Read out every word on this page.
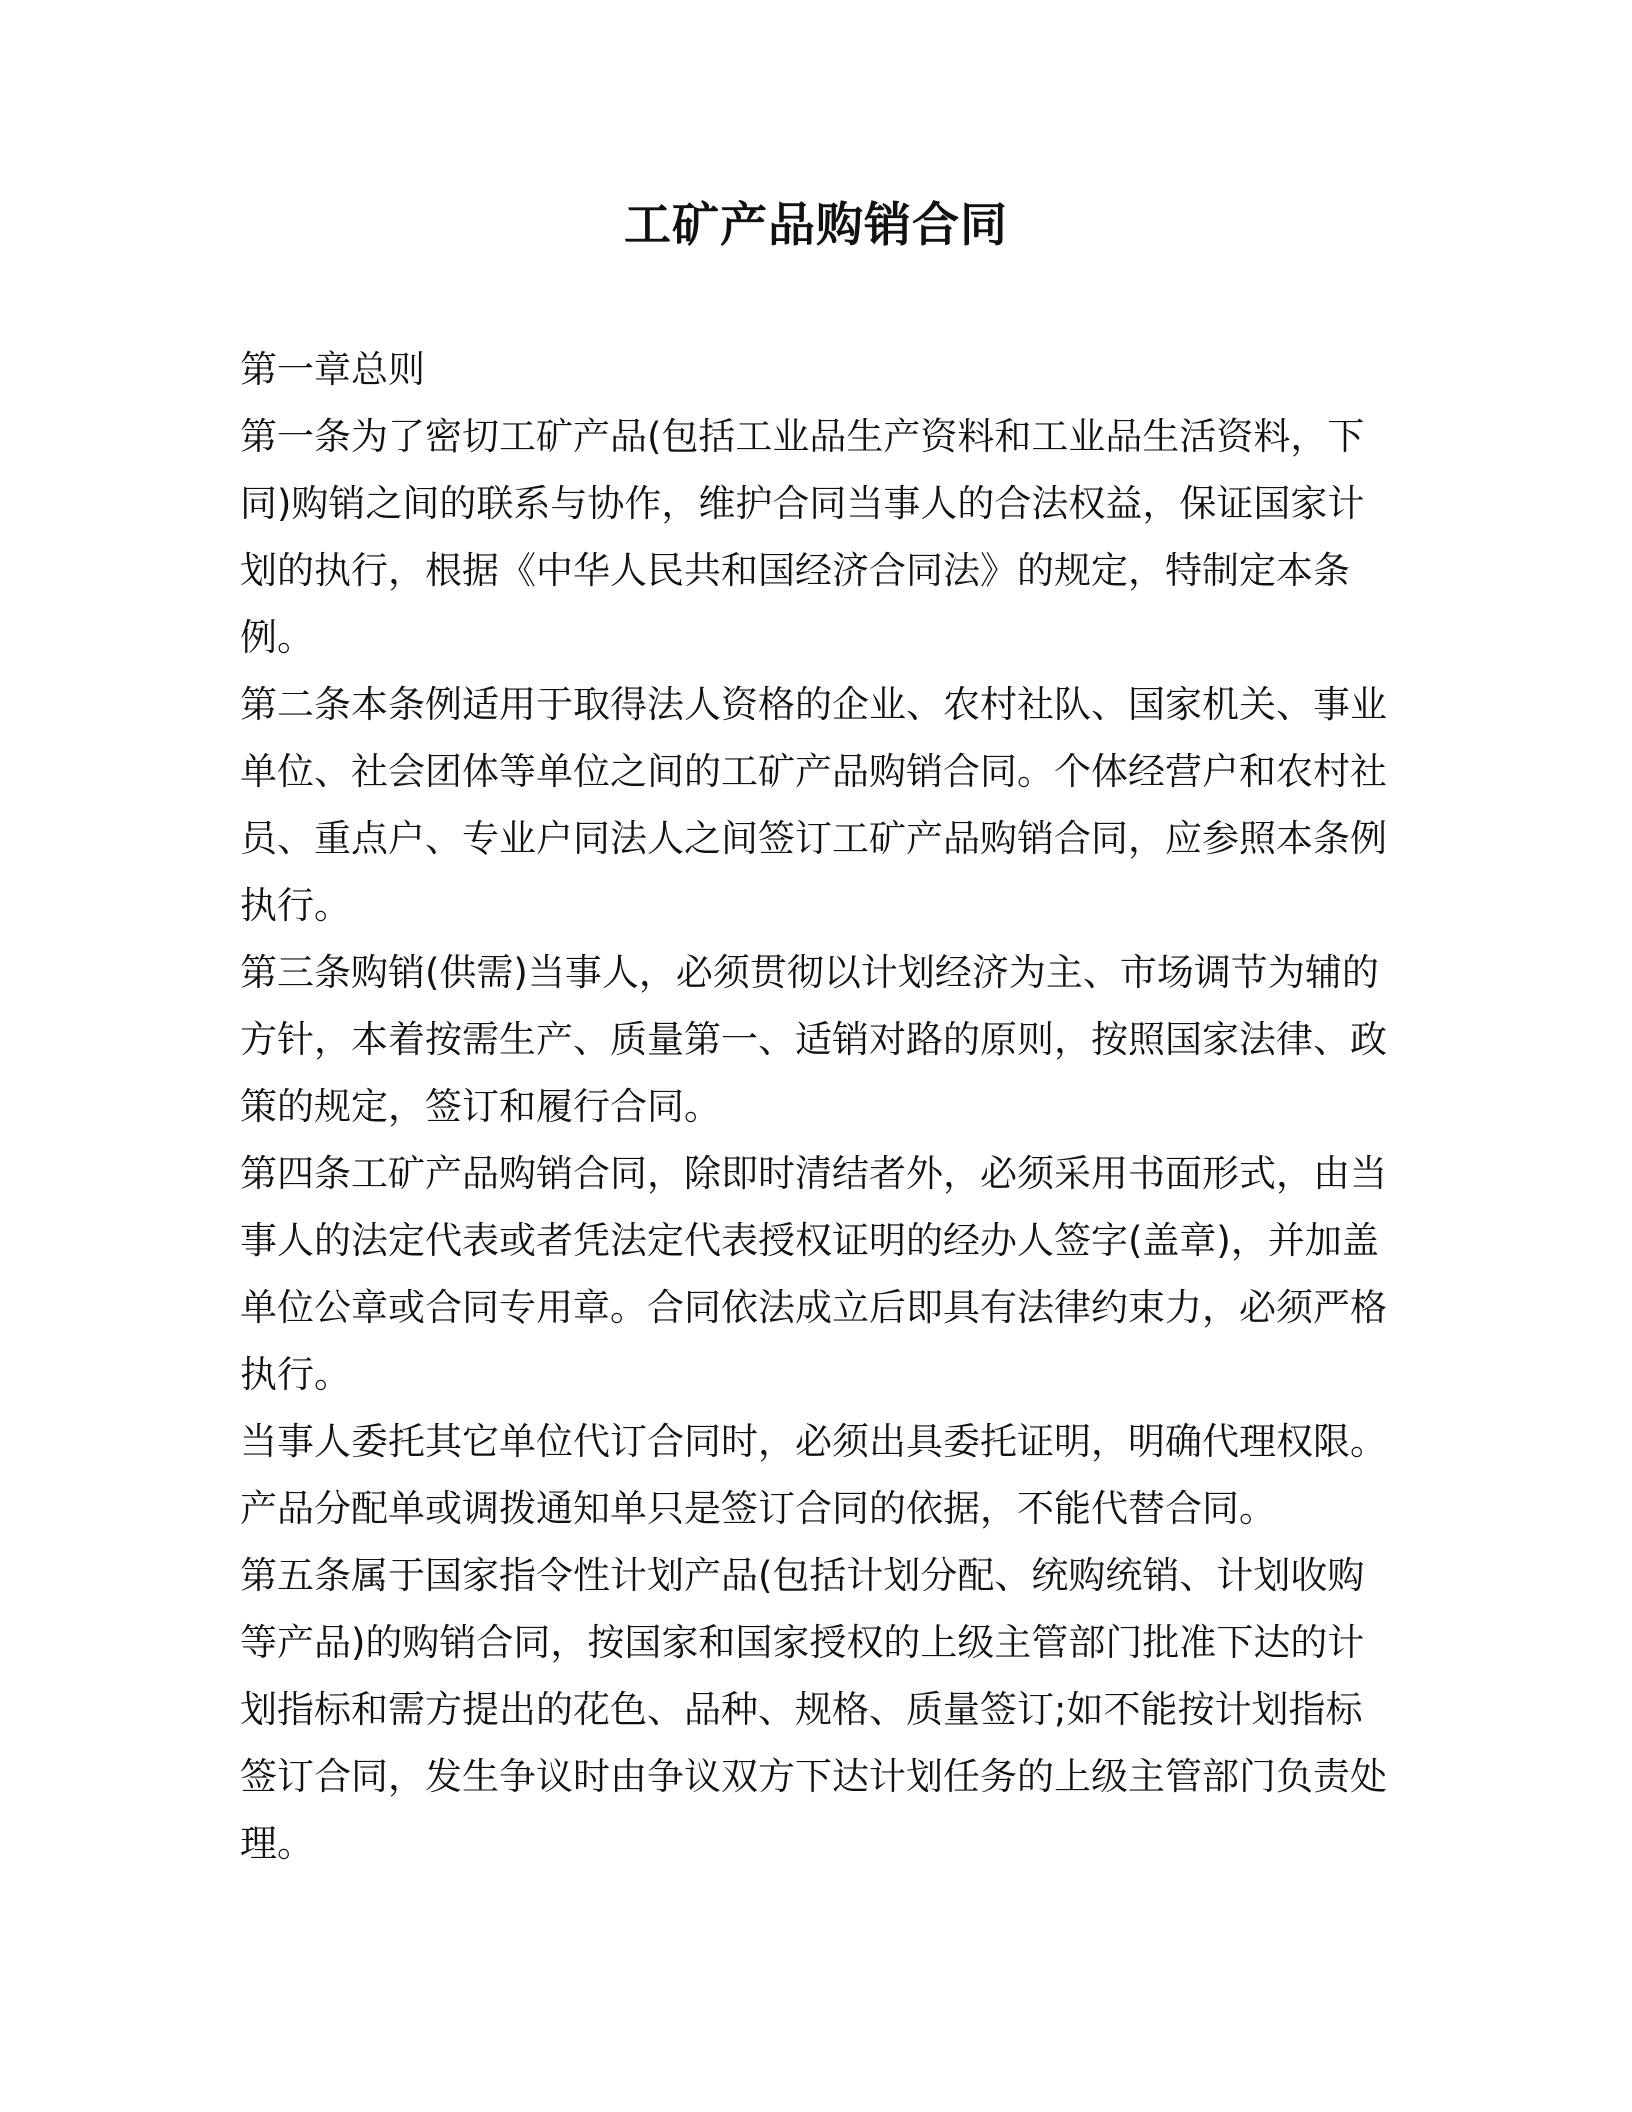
工矿产品购销合同

第一章总则

第一条为了密切工矿产品(包括工业品生产资料和工业品生活资料，下同)购销之间的联系与协作，维护合同当事人的合法权益，保证国家计划的执行，根据《中华人民共和国经济合同法》的规定，特制定本条例。

第二条本条例适用于取得法人资格的企业、农村社队、国家机关、事业单位、社会团体等单位之间的工矿产品购销合同。个体经营户和农村社员、重点户、专业户同法人之间签订工矿产品购销合同，应参照本条例执行。

第三条购销(供需)当事人，必须贯彻以计划经济为主、市场调节为辅的方针，本着按需生产、质量第一、适销对路的原则，按照国家法律、政策的规定，签订和履行合同。

第四条工矿产品购销合同，除即时清结者外，必须采用书面形式，由当事人的法定代表或者凭法定代表授权证明的经办人签字(盖章)，并加盖单位公章或合同专用章。合同依法成立后即具有法律约束力，必须严格执行。

当事人委托其它单位代订合同时，必须出具委托证明，明确代理权限。产品分配单或调拨通知单只是签订合同的依据，不能代替合同。

第五条属于国家指令性计划产品(包括计划分配、统购统销、计划收购等产品)的购销合同，按国家和国家授权的上级主管部门批准下达的计划指标和需方提出的花色、品种、规格、质量签订;如不能按计划指标签订合同，发生争议时由争议双方下达计划任务的上级主管部门负责处理。
